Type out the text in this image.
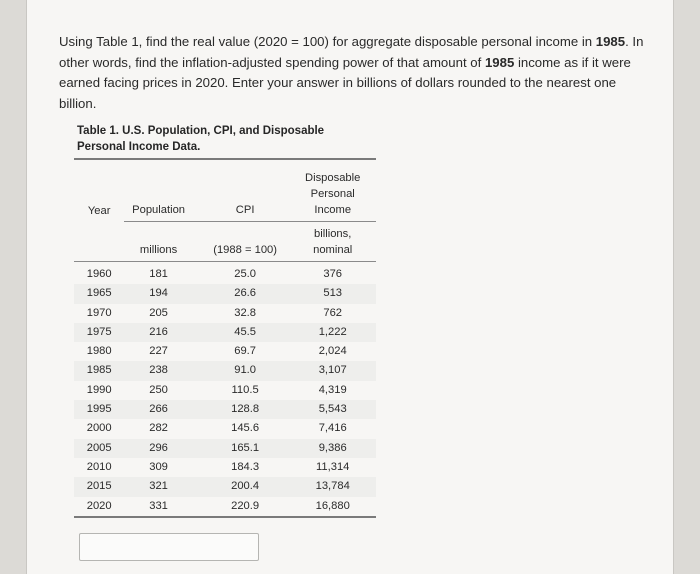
Using Table 1, find the real value (2020 = 100) for aggregate disposable personal income in 1985. In other words, find the inflation-adjusted spending power of that amount of 1985 income as if it were earned facing prices in 2020. Enter your answer in billions of dollars rounded to the nearest one billion.

Table 1. U.S. Population, CPI, and Disposable Personal Income Data.

Year	Population	CPI	Disposable
Personal
Income
	millions	(1988 = 100)	billions,
nominal
1960	181	25.0	376
1965	194	26.6	513
1970	205	32.8	762
1975	216	45.5	1,222
1980	227	69.7	2,024
1985	238	91.0	3,107
1990	250	110.5	4,319
1995	266	128.8	5,543
2000	282	145.6	7,416
2005	296	165.1	9,386
2010	309	184.3	11,314
2015	321	200.4	13,784
2020	331	220.9	16,880
